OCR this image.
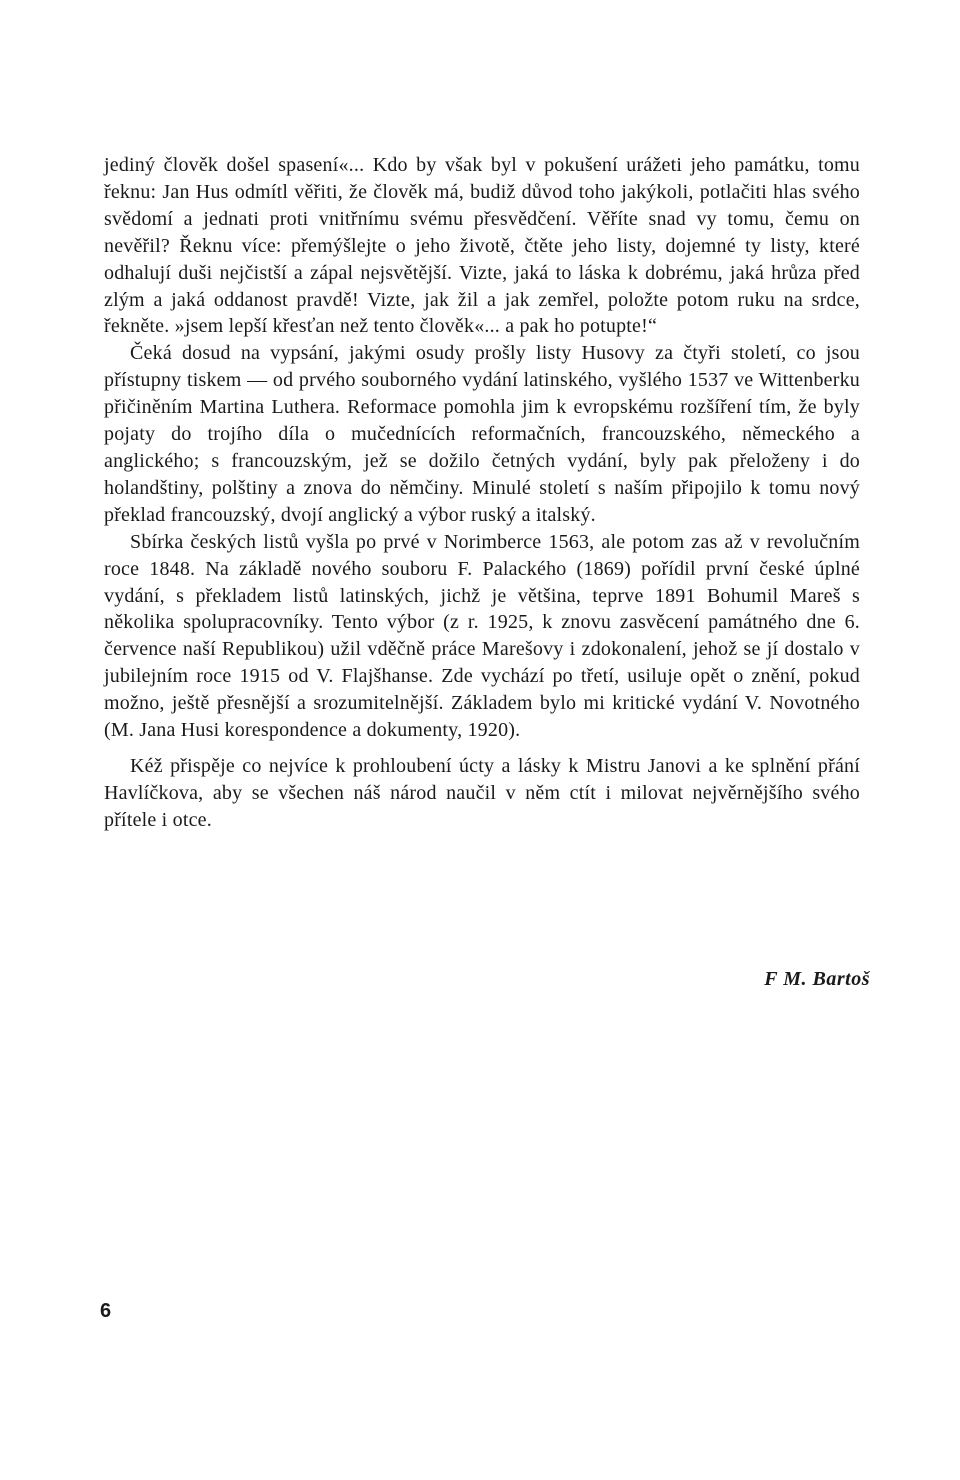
jediný člověk došel spasení«... Kdo by však byl v pokušení urážeti jeho památku, tomu řeknu: Jan Hus odmítl věřiti, že člověk má, budiž důvod toho jakýkoli, potlačiti hlas svého svědomí a jednati proti vnitřnímu svému přesvědčení. Věříte snad vy tomu, čemu on nevěřil? Řeknu více: přemýšlejte o jeho životě, čtěte jeho listy, dojemné ty listy, které odhalují duši nejčistší a zápal nejsvětější. Vizte, jaká to láska k dobrému, jaká hrůza před zlým a jaká oddanost pravdě! Vizte, jak žil a jak zemřel, položte potom ruku na srdce, řekněte. »jsem lepší křesťan než tento člověk«... a pak ho potupte!“

Čeká dosud na vypsání, jakými osudy prošly listy Husovy za čtyři století, co jsou přístupny tiskem — od prvého souborného vydání latinského, vyšlého 1537 ve Wittenberku přičiněním Martina Luthera. Reformace pomohla jim k evropskému rozšíření tím, že byly pojaty do trojího díla o mučednících reformačních, francouzského, německého a anglického; s francouzským, jež se dožilo četných vydání, byly pak přeloženy i do holandštiny, polštiny a znova do němčiny. Minulé století s naším připojilo k tomu nový překlad francouzský, dvojí anglický a výbor ruský a italský.

Sbírka českých listů vyšla po prvé v Norimberce 1563, ale potom zas až v revolučním roce 1848. Na základě nového souboru F. Palackého (1869) pořídil první české úplné vydání, s překladem listů latinských, jichž je většina, teprve 1891 Bohumil Mareš s několika spolupracovníky. Tento výbor (z r. 1925, k znovu zasvěcení památného dne 6. července naší Republikou) užil vděčně práce Marešovy i zdokonalení, jehož se jí dostalo v jubilejním roce 1915 od V. Flajšhanse. Zde vychází po třetí, usiluje opět o znění, pokud možno, ještě přesnější a srozumitelnější. Základem bylo mi kritické vydání V. Novotného (M. Jana Husi korespondence a dokumenty, 1920).

Kéž přispěje co nejvíce k prohloubení úcty a lásky k Mistru Janovi a ke splnění přání Havlíčkova, aby se všechen náš národ naučil v něm ctít i milovat nejvěrnějšího svého přítele i otce.

F M. Bartoš
6
